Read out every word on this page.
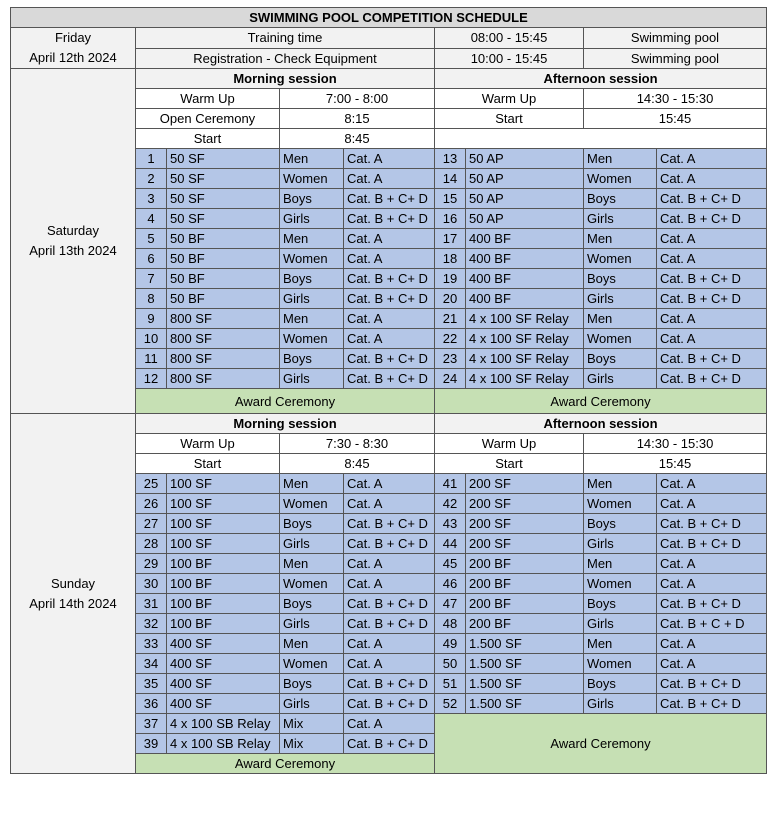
SWIMMING POOL COMPETITION SCHEDULE								

Friday
April 12th 2024	Training time				08:00 - 15:45		Swimming pool	
	Registration - Check Equipment				10:00 - 15:45		Swimming pool	

Saturday
April 13th 2024	Morning session				Afternoon session			
	Warm Up		7:00 - 8:00		Warm Up		14:30 - 15:30	
	Open Ceremony		8:15		Start		15:45	
	Start		8:45					
	1	50 SF	Men	Cat. A	13	50 AP	Men	Cat. A
	2	50 SF	Women	Cat. A	14	50 AP	Women	Cat. A
	3	50 SF	Boys	Cat. B + C+ D	15	50 AP	Boys	Cat. B + C+ D
	4	50 SF	Girls	Cat. B + C+ D	16	50 AP	Girls	Cat. B + C+ D
	5	50 BF	Men	Cat. A	17	400 BF	Men	Cat. A
	6	50 BF	Women	Cat. A	18	400 BF	Women	Cat. A
	7	50 BF	Boys	Cat. B + C+ D	19	400 BF	Boys	Cat. B + C+ D
	8	50 BF	Girls	Cat. B + C+ D	20	400 BF	Girls	Cat. B + C+ D
	9	800 SF	Men	Cat. A	21	4 x 100 SF Relay	Men	Cat. A
	10	800 SF	Women	Cat. A	22	4 x 100 SF Relay	Women	Cat. A
	11	800 SF	Boys	Cat. B + C+ D	23	4 x 100 SF Relay	Boys	Cat. B + C+ D
	12	800 SF	Girls	Cat. B + C+ D	24	4 x 100 SF Relay	Girls	Cat. B + C+ D
	Award Ceremony				Award Ceremony			

Sunday
April 14th 2024	Morning session				Afternoon session			
	Warm Up		7:30 - 8:30		Warm Up		14:30 - 15:30	
	Start		8:45		Start		15:45	
	25	100 SF	Men	Cat. A	41	200 SF	Men	Cat. A
	26	100 SF	Women	Cat. A	42	200 SF	Women	Cat. A
	27	100 SF	Boys	Cat. B + C+ D	43	200 SF	Boys	Cat. B + C+ D
	28	100 SF	Girls	Cat. B + C+ D	44	200 SF	Girls	Cat. B + C+ D
	29	100 BF	Men	Cat. A	45	200 BF	Men	Cat. A
	30	100 BF	Women	Cat. A	46	200 BF	Women	Cat. A
	31	100 BF	Boys	Cat. B + C+ D	47	200 BF	Boys	Cat. B + C+ D
	32	100 BF	Girls	Cat. B + C+ D	48	200 BF	Girls	Cat. B + C + D
	33	400 SF	Men	Cat. A	49	1.500 SF	Men	Cat. A
	34	400 SF	Women	Cat. A	50	1.500 SF	Women	Cat. A
	35	400 SF	Boys	Cat. B + C+ D	51	1.500 SF	Boys	Cat. B + C+ D
	36	400 SF	Girls	Cat. B + C+ D	52	1.500 SF	Girls	Cat. B + C+ D
	37	4 x 100 SB Relay	Mix	Cat. A	Award Ceremony			
	39	4 x 100 SB Relay	Mix	Cat. B + C+ D				
	Award Ceremony							
